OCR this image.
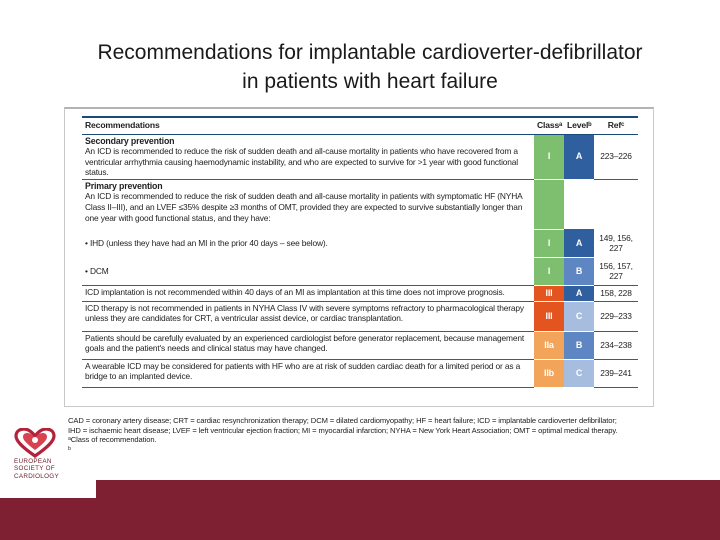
Recommendations for implantable cardioverter-defibrillator
in patients with heart failure
Recommendations	Classᵃ	Levelᵇ	Refᶜ

Secondary prevention
An ICD is recommended to reduce the risk of sudden death and all-cause mortality in patients who have recovered from a ventricular arrhythmia causing haemodynamic instability, and who are expected to survive for >1 year with good functional status.	I	A	223–226

Primary prevention
An ICD is recommended to reduce the risk of sudden death and all-cause mortality in patients with symptomatic HF (NYHA Class II–III), and an LVEF ≤35% despite ≥3 months of OMT, provided they are expected to survive substantially longer than one year with good functional status, and they have:			
• IHD (unless they have had an MI in the prior 40 days – see below).	I	A	149, 156, 227
• DCM	I	B	156, 157, 227
ICD implantation is not recommended within 40 days of an MI as implantation at this time does not improve prognosis.	III	A	158, 228
ICD therapy is not recommended in patients in NYHA Class IV with severe symptoms refractory to pharmacological therapy unless they are candidates for CRT, a ventricular assist device, or cardiac transplantation.	III	C	229–233
Patients should be carefully evaluated by an experienced cardiologist before generator replacement, because management goals and the patient's needs and clinical status may have changed.	IIa	B	234–238
A wearable ICD may be considered for patients with HF who are at risk of sudden cardiac death for a limited period or as a bridge to an implanted device.	IIb	C	239–241
CAD = coronary artery disease; CRT = cardiac resynchronization therapy; DCM = dilated cardiomyopathy; HF = heart failure; ICD = implantable cardioverter defibrillator;
IHD = ischaemic heart disease; LVEF = left ventricular ejection fraction; MI = myocardial infarction; NYHA = New York Heart Association; OMT = optimal medical therapy.
ᵃClass of recommendation.
ᵇ
EUROPEAN
SOCIETY OF
CARDIOLOGY
